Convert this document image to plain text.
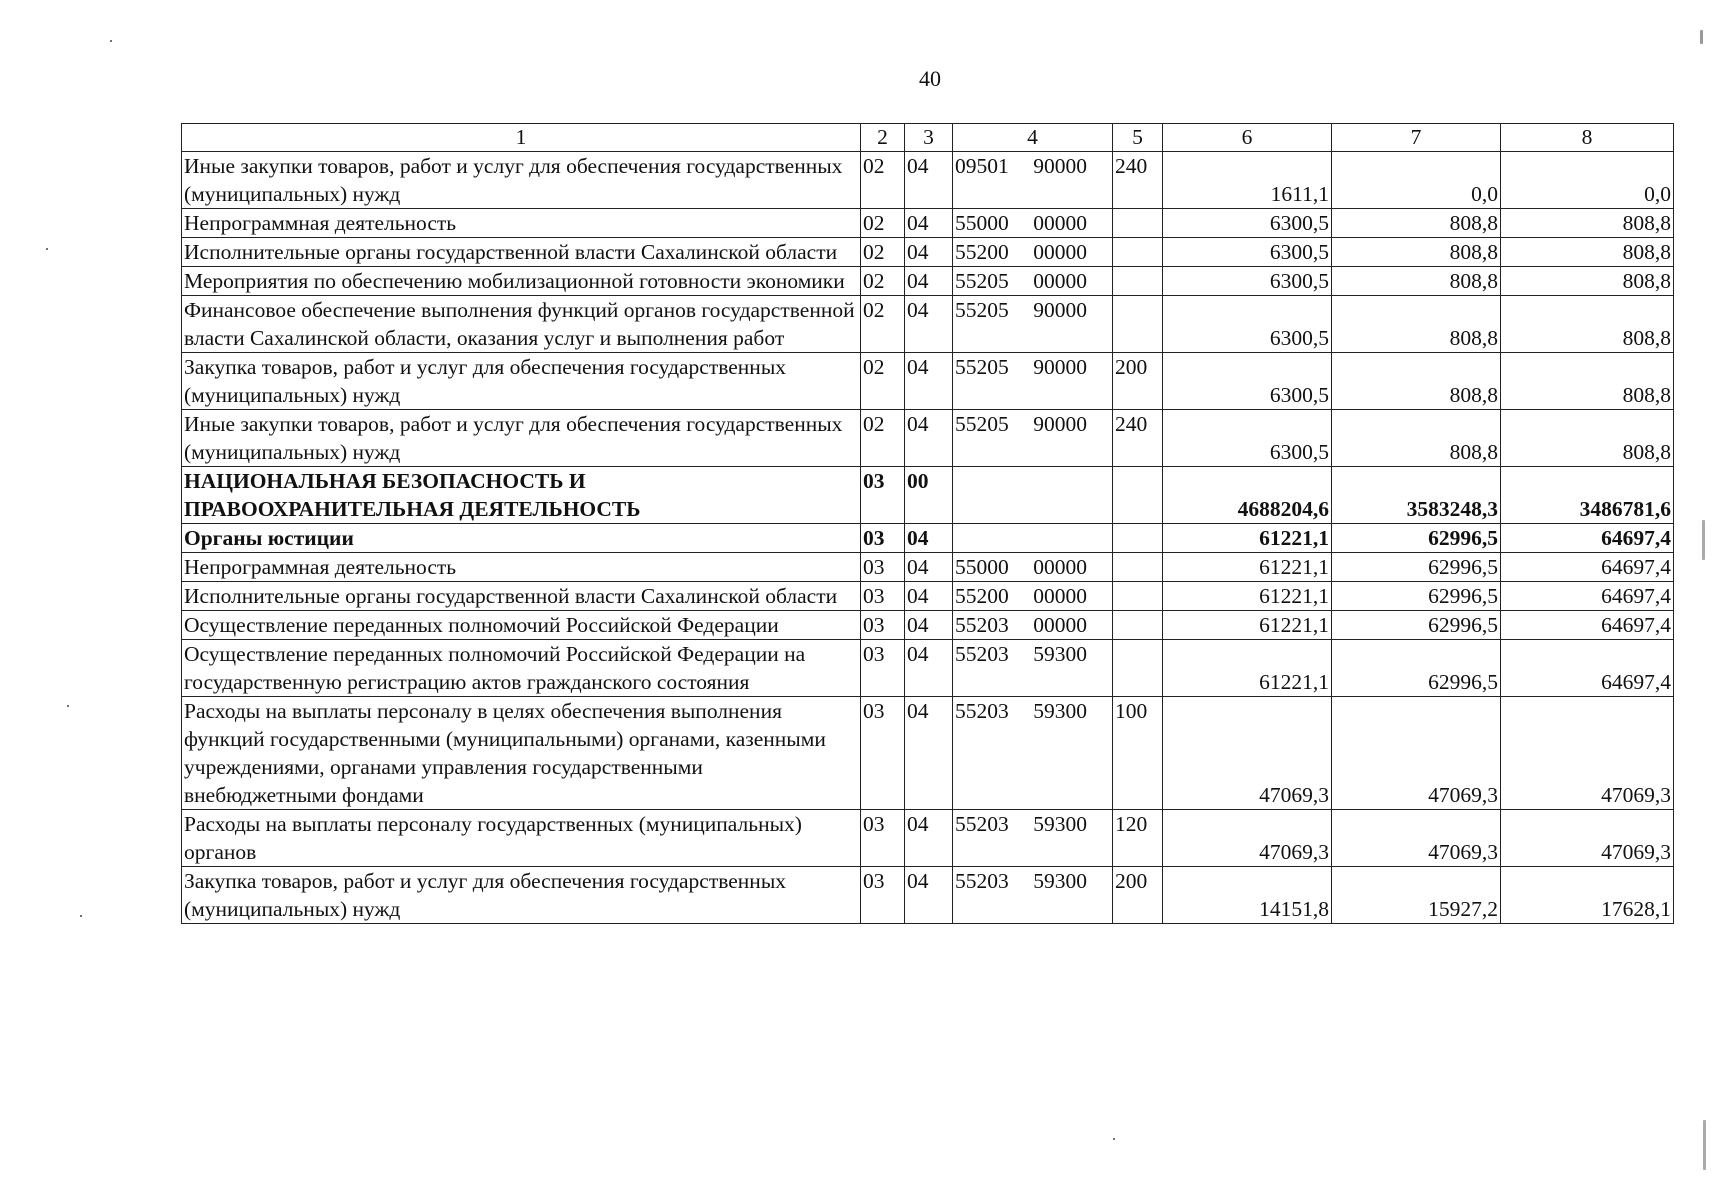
40
1	2	3	4	5	6	7	8
Иные закупки товаров, работ и услуг для обеспечения государственных (муниципальных) нужд	02	04	09501 90000	240	1611,1	0,0	0,0
Непрограммная деятельность	02	04	55000 00000		6300,5	808,8	808,8
Исполнительные органы государственной власти Сахалинской области	02	04	55200 00000		6300,5	808,8	808,8
Мероприятия по обеспечению мобилизационной готовности экономики	02	04	55205 00000		6300,5	808,8	808,8
Финансовое обеспечение выполнения функций органов государственной власти Сахалинской области, оказания услуг и выполнения работ	02	04	55205 90000		6300,5	808,8	808,8
Закупка товаров, работ и услуг для обеспечения государственных (муниципальных) нужд	02	04	55205 90000	200	6300,5	808,8	808,8
Иные закупки товаров, работ и услуг для обеспечения государственных (муниципальных) нужд	02	04	55205 90000	240	6300,5	808,8	808,8
НАЦИОНАЛЬНАЯ БЕЗОПАСНОСТЬ И ПРАВООХРАНИТЕЛЬНАЯ ДЕЯТЕЛЬНОСТЬ	03	00			4688204,6	3583248,3	3486781,6
Органы юстиции	03	04			61221,1	62996,5	64697,4
Непрограммная деятельность	03	04	55000 00000		61221,1	62996,5	64697,4
Исполнительные органы государственной власти Сахалинской области	03	04	55200 00000		61221,1	62996,5	64697,4
Осуществление переданных полномочий Российской Федерации	03	04	55203 00000		61221,1	62996,5	64697,4
Осуществление переданных полномочий Российской Федерации на государственную регистрацию актов гражданского состояния	03	04	55203 59300		61221,1	62996,5	64697,4
Расходы на выплаты персоналу в целях обеспечения выполнения функций государственными (муниципальными) органами, казенными учреждениями, органами управления государственными внебюджетными фондами	03	04	55203 59300	100	47069,3	47069,3	47069,3
Расходы на выплаты персоналу государственных (муниципальных) органов	03	04	55203 59300	120	47069,3	47069,3	47069,3
Закупка товаров, работ и услуг для обеспечения государственных (муниципальных) нужд	03	04	55203 59300	200	14151,8	15927,2	17628,1
